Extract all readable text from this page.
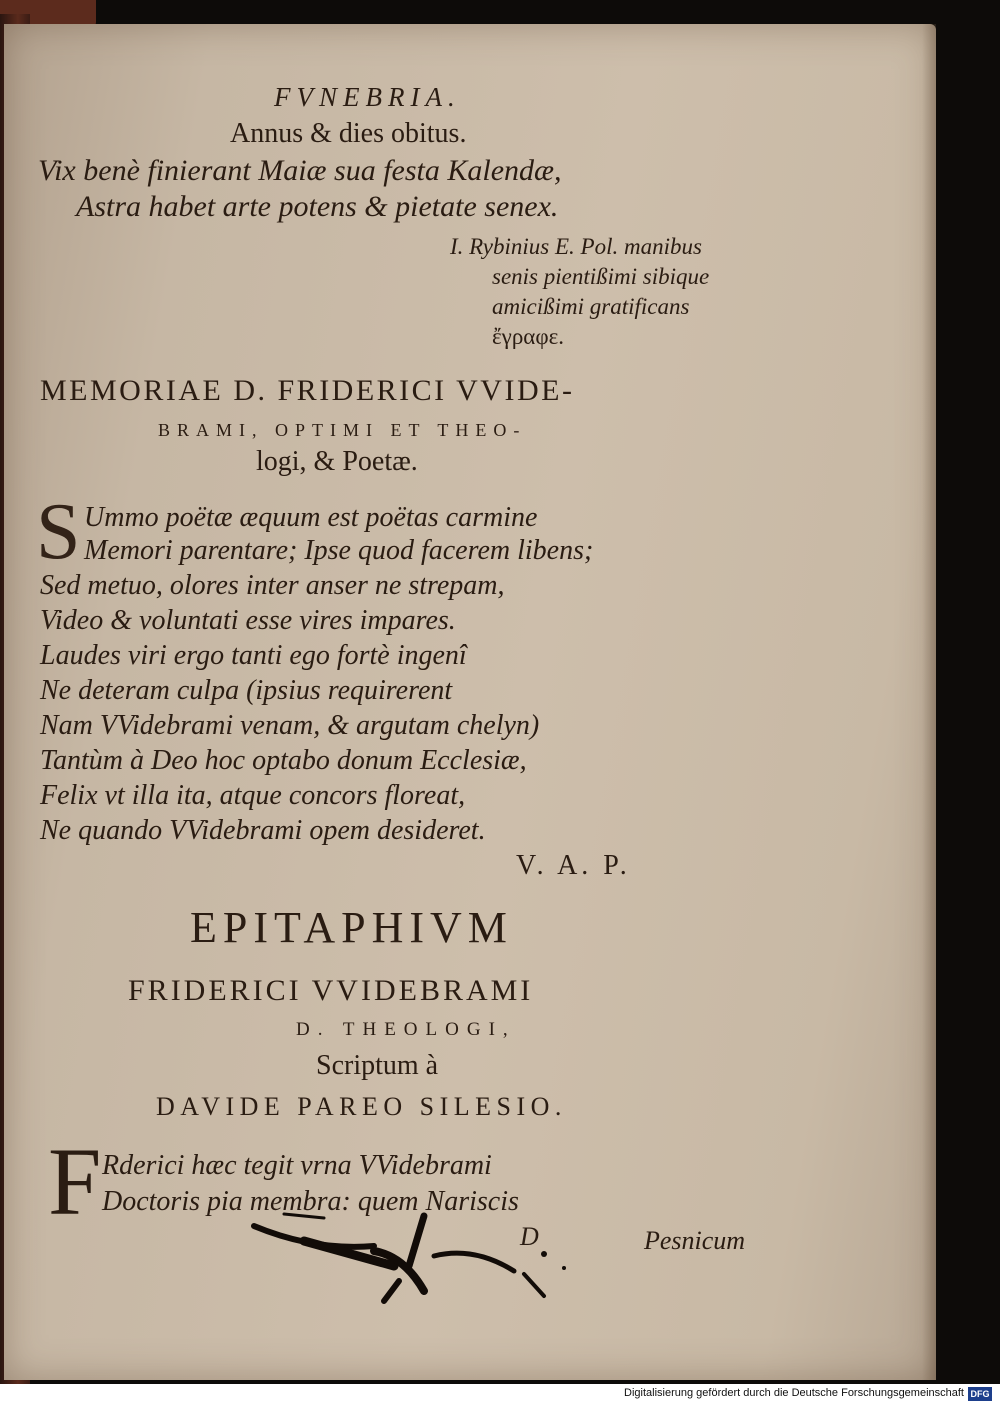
FVNEBRIA.
Annus & dies obitus.
Vix benè finierant Maiæ sua festa Kalendæ,
Astra habet arte potens & pietate senex.
I. Rybinius E. Pol. manibus
senis pientißimi sibique
amicißimi gratificans
ἔγραφε.
MEMORIAE D. FRIDERICI VVIDE-
BRAMI, OPTIMI ET THEO-
logi, & Poetæ.
S Ummo poëtæ æquum est poëtas carmine
Memori parentare; Ipse quod facerem libens;
Sed metuo, olores inter anser ne strepam,
Video & voluntati esse vires impares.
Laudes viri ergo tanti ego fortè ingenî
Ne deteram culpa (ipsius requirerent
Nam VVidebrami venam, & argutam chelyn)
Tantùm à Deo hoc optabo donum Ecclesiæ,
Felix vt illa ita, atque concors floreat,
Ne quando VVidebrami opem desideret.
V. A. P.
EPITAPHIVM
FRIDERICI VVIDEBRAMI
D. THEOLOGI,
Scriptum à
DAVIDE PAREO SILESIO.
F Rderici hæc tegit vrna VVidebrami
Doctoris pia membra: quem Nariscis
D	Pesnicum
Digitalisierung gefördert durch die Deutsche Forschungsgemeinschaft DFG
